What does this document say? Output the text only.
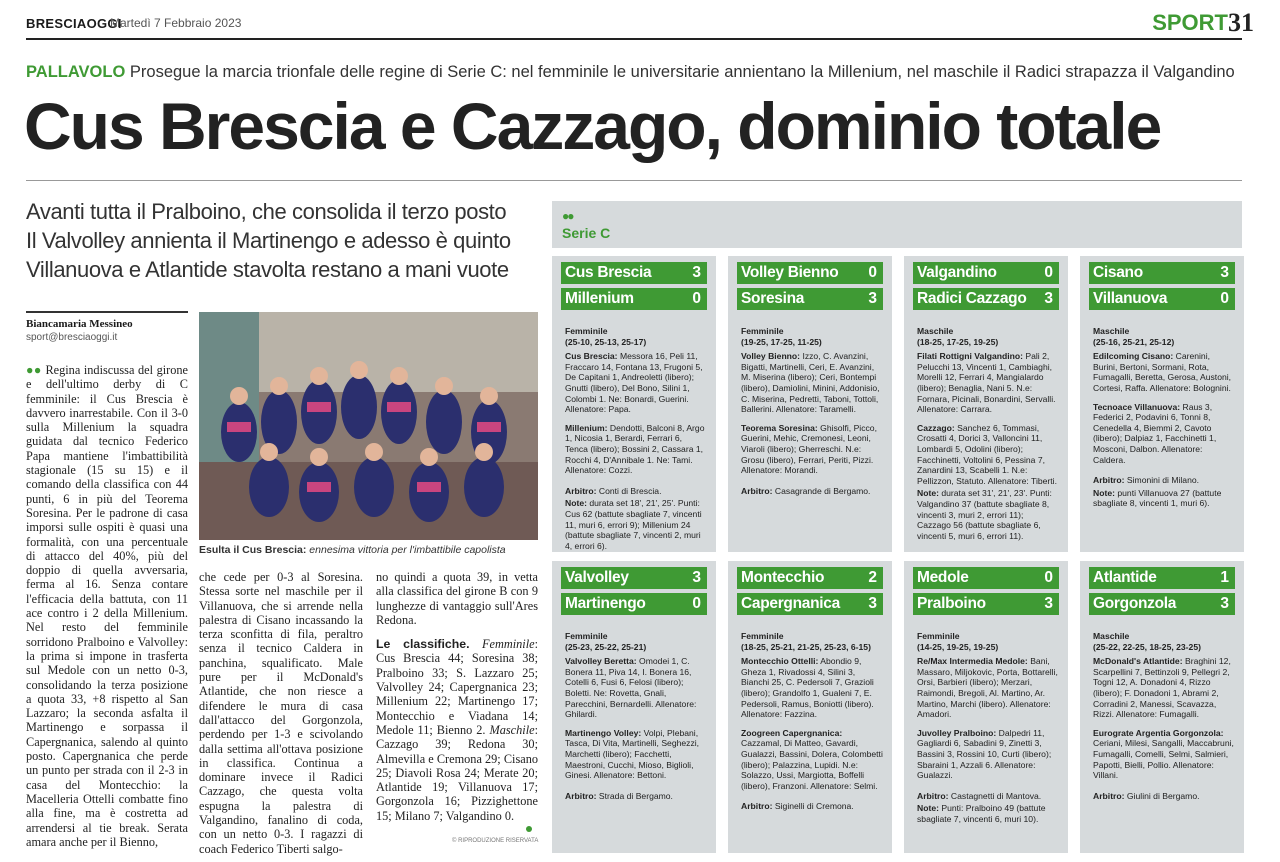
BRESCIAOGGI
Martedì 7 Febbraio 2023	SPORT 31
PALLAVOLO Prosegue la marcia trionfale delle regine di Serie C: nel femminile le universitarie annientano la Millenium, nel maschile il Radici strapazza il Valgandino
Cus Brescia e Cazzago, dominio totale
Avanti tutta il Pralboino, che consolida il terzo posto
Il Valvolley annienta il Martinengo e adesso è quinto
Villanuova e Atlantide stavolta restano a mani vuote
Biancamaria Messineo
sport@bresciaoggi.it
●● Regina indiscussa del girone e dell'ultimo derby di C femminile: il Cus Brescia è davvero inarrestabile. Con il 3-0 sulla Millenium la squadra guidata dal tecnico Federico Papa mantiene l'imbattibilità stagionale (15 su 15) e il comando della classifica con 44 punti, 6 in più del Teorema Soresina. Per le padrone di casa imporsi sulle ospiti è quasi una formalità, con una percentuale di attacco del 40%, più del doppio di quella avversaria, ferma al 16. Senza contare l'efficacia della battuta, con 11 ace contro i 2 della Millenium. Nel resto del femminile sorridono Pralboino e Valvolley: la prima si impone in trasferta sul Medole con un netto 0-3, consolidando la terza posizione a quota 33, +8 rispetto al San Lazzaro; la seconda asfalta il Martinengo e sorpassa il Capergnanica, salendo al quinto posto. Capergnanica che perde un punto per strada con il 2-3 in casa del Montecchio: la Macelleria Ottelli combatte fino alla fine, ma è costretta ad arrendersi al tie break. Serata amara anche per il Bienno,
Esulta il Cus Brescia: ennesima vittoria per l'imbattibile capolista
che cede per 0-3 al Soresina. Stessa sorte nel maschile per il Villanuova, che si arrende nella palestra di Cisano incassando la terza sconfitta di fila, peraltro senza il tecnico Caldera in panchina, squalificato. Male pure per il McDonald's Atlantide, che non riesce a difendere le mura di casa dall'attacco del Gorgonzola, perdendo per 1-3 e scivolando dalla settima all'ottava posizione in classifica. Continua a dominare invece il Radici Cazzago, che questa volta espugna la palestra di Valgandino, fanalino di coda, con un netto 0-3. I ragazzi di coach Federico Tiberti salgo-
no quindi a quota 39, in vetta alla classifica del girone B con 9 lunghezze di vantaggio sull'Ares Redona.
Le classifiche. Femminile: Cus Brescia 44; Soresina 38; Pralboino 33; S. Lazzaro 25; Valvolley 24; Capergnanica 23; Millenium 22; Martinengo 17; Montecchio e Viadana 14; Medole 11; Bienno 2. Maschile: Cazzago 39; Redona 30; Almevilla e Cremona 29; Cisano 25; Diavoli Rosa 24; Merate 20; Atlantide 19; Villanuova 17; Gorgonzola 16; Pizzighettone 15; Milano 7; Valgandino 0.
© RIPRODUZIONE RISERVATA
●●
Serie C
Cus Brescia	3
Millenium	0
Femminile
(25-10, 25-13, 25-17)

Cus Brescia: Messora 16, Peli 11, Fraccaro 14, Fontana 13, Frugoni 5, De Capitani 1, Andreoletti (libero); Gnutti (libero), Del Bono, Silini 1, Colombi 1. Ne: Bonardi, Guerini. Allenatore: Papa.

Millenium: Dendotti, Balconi 8, Argo 1, Nicosia 1, Berardi, Ferrari 6, Tenca (libero); Bossini 2, Cassara 1, Rocchi 4, D'Annibale 1. Ne: Tami. Allenatore: Cozzi.

Arbitro: Conti di Brescia.

Note: durata set 18', 21', 25'. Punti: Cus 62 (battute sbagliate 7, vincenti 11, muri 6, errori 9); Millenium 24 (battute sbagliate 7, vincenti 2, muri 4, errori 6).

Volley Bienno 0
Soresina	3
Femminile
(19-25, 17-25, 11-25)

Volley Bienno: Izzo, C. Avanzini, Bigatti, Martinelli, Ceri, E. Avanzini, M. Miserina (libero); Ceri, Bontempi (libero), Damiolini, Minini, Addonisio, C. Miserina, Pedretti, Taboni, Tottoli, Ballerini. Allenatore: Taramelli.

Teorema Soresina: Ghisolfi, Picco, Guerini, Mehic, Cremonesi, Leoni, Viaroli (libero); Gherreschi. N.e: Grosu (libero), Ferrari, Periti, Pizzi. Allenatore: Morandi.

Arbitro: Casagrande di Bergamo.

Valgandino	0
Radici Cazzago 3
Maschile
(18-25, 17-25, 19-25)

Filati Rottigni Valgandino: Pali 2, Pelucchi 13, Vincenti 1, Cambiaghi, Morelli 12, Ferrari 4, Mangialardo (libero); Benaglia, Nani 5. N.e: Fornara, Picinali, Bonardini, Servalli. Allenatore: Carrara.

Cazzago: Sanchez 6, Tommasi, Crosatti 4, Dorici 3, Valloncini 11, Lombardi 5, Odolini (libero); Facchinetti, Voltolini 6, Pessina 7, Zanardini 13, Scabelli 1. N.e: Pellizzon, Statuto. Allenatore: Tiberti.

Note: durata set 31', 21', 23'. Punti: Valgandino 37 (battute sbagliate 8, vincenti 3, muri 2, errori 11); Cazzago 56 (battute sbagliate 6, vincenti 5, muri 6, errori 11).

Cisano	3
Villanuova	0
Maschile
(25-16, 25-21, 25-12)

Edilcoming Cisano: Carenini, Burini, Bertoni, Sormani, Rota, Fumagalli, Beretta, Gerosa, Austoni, Cortesi, Raffa. Allenatore: Bolognini.

Tecnoace Villanuova: Raus 3, Federici 2, Podavini 6, Tonni 8, Cenedella 4, Biemmi 2, Cavoto (libero); Dalpiaz 1, Facchinetti 1, Mosconi, Dalbon. Allenatore: Caldera.

Arbitro: Simonini di Milano.

Note: punti Villanuova 27 (battute sbagliate 8, vincenti 1, muri 6).

Valvolley	3
Martinengo	0
Femminile
(25-23, 25-22, 25-21)

Valvolley Beretta: Omodei 1, C. Bonera 11, Piva 14, I. Bonera 16, Cotelli 6, Fusi 6, Felosi (libero); Boletti. Ne: Rovetta, Gnali, Parecchini, Bernardelli. Allenatore: Ghilardi.

Martinengo Volley: Volpi, Plebani, Tasca, Di Vita, Martinelli, Seghezzi, Marchetti (libero); Facchetti, Maestroni, Cucchi, Mioso, Biglioli, Ginesi. Allenatore: Bettoni.

Arbitro: Strada di Bergamo.

Montecchio	2
Capergnanica 3
Femminile
(18-25, 25-21, 21-25, 25-23, 6-15)

Montecchio Ottelli: Abondio 9, Gheza 1, Rivadossi 4, Silini 3, Bianchi 25, C. Pedersoli 7, Grazioli (libero); Grandolfo 1, Gualeni 7, E. Pedersoli, Ramus, Boniotti (libero). Allenatore: Fazzina.

Zoogreen Capergnanica: Cazzamal, Di Matteo, Gavardi, Gualazzi, Bassini, Dolera, Colombetti (libero); Palazzina, Lupidi. N.e: Solazzo, Ussi, Margiotta, Boffelli (libero), Franzoni. Allenatore: Selmi.

Arbitro: Siginelli di Cremona.

Medole	0
Pralboino	3
Femminile
(14-25, 19-25, 19-25)

Re/Max Intermedia Medole: Bani, Massaro, Miljokovic, Porta, Bottarelli, Orsi, Barbieri (libero); Merzari, Raimondi, Bregoli, Al. Martino, Ar. Martino, Marchi (libero). Allenatore: Amadori.

Juvolley Pralboino: Dalpedri 11, Gagliardi 6, Sabadini 9, Zinetti 3, Bassini 3, Rossini 10, Curti (libero); Sbaraini 1, Azzali 6. Allenatore: Gualazzi.

Arbitro: Castagnetti di Mantova.

Note: Punti: Pralboino 49 (battute sbagliate 7, vincenti 6, muri 10).

Atlantide	1
Gorgonzola	3
Maschile
(25-22, 22-25, 18-25, 23-25)

McDonald's Atlantide: Braghini 12, Scarpellini 7, Bettinzoli 9, Pellegri 2, Togni 12, A. Donadoni 4, Rizzo (libero); F. Donadoni 1, Abrami 2, Corradini 2, Manessi, Scavazza, Rizzi. Allenatore: Fumagalli.

Eurograte Argentia Gorgonzola: Ceriani, Milesi, Sangalli, Maccabruni, Fumagalli, Comelli, Selmi, Salmieri, Papotti, Bielli, Pollio. Allenatore: Villani.

Arbitro: Giulini di Bergamo.
